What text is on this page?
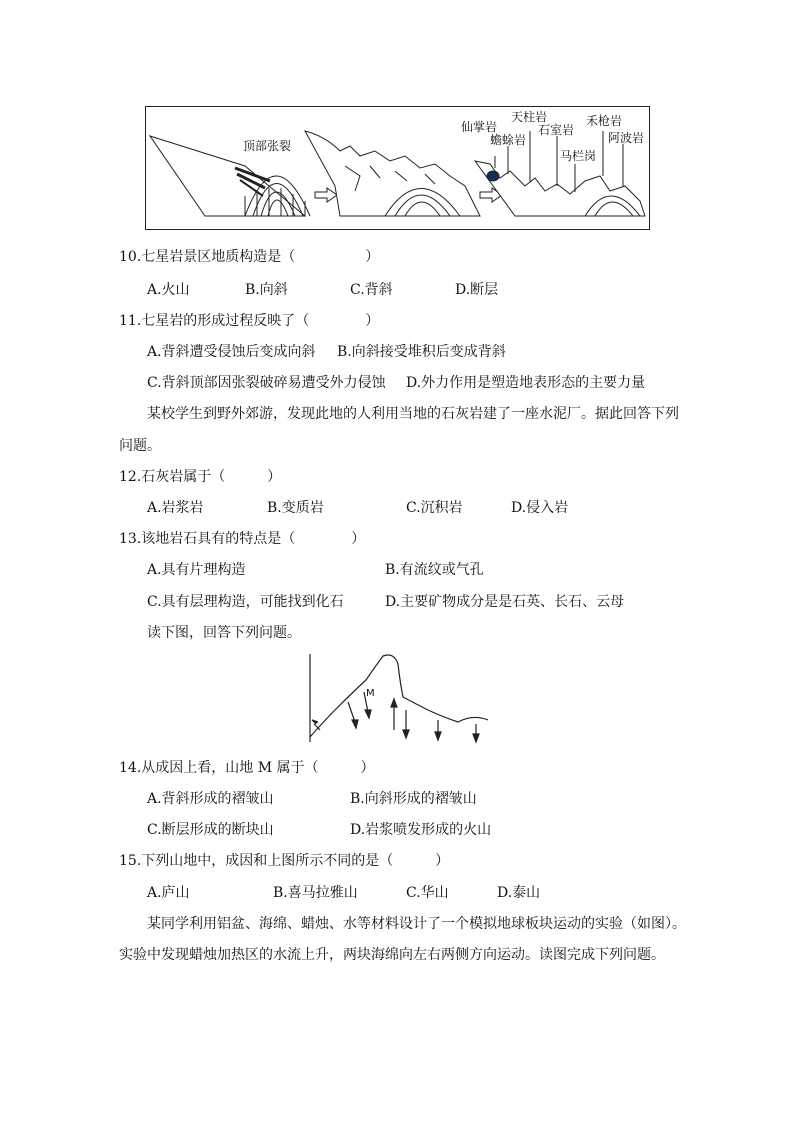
顶部张裂
仙掌岩
蟾蜍岩
天柱岩
石室岩
禾枪岩
马栏岗
阿波岩
10.七星岩景区地质构造是（　　　　　）
A.火山	B.向斜	C.背斜	D.断层
11.七星岩的形成过程反映了（　　　　）
A.背斜遭受侵蚀后变成向斜 B.向斜接受堆积后变成背斜
C.背斜顶部因张裂破碎易遭受外力侵蚀 D.外力作用是塑造地表形态的主要力量
某校学生到野外郊游，发现此地的人利用当地的石灰岩建了一座水泥厂。据此回答下列
问题。
12.石灰岩属于（　　　）
A.岩浆岩	B.变质岩	C.沉积岩	D.侵入岩
13.该地岩石具有的特点是（　　　　）
A.具有片理构造	B.有流纹或气孔
C.具有层理构造，可能找到化石	D.主要矿物成分是是石英、长石、云母
读下图，回答下列问题。
M
14.从成因上看，山地 M 属于（　　　）
A.背斜形成的褶皱山	B.向斜形成的褶皱山
C.断层形成的断块山	D.岩浆喷发形成的火山
15.下列山地中，成因和上图所示不同的是（　　　）
A.庐山	B.喜马拉雅山	C.华山	D.泰山
某同学利用铝盆、海绵、蜡烛、水等材料设计了一个模拟地球板块运动的实验（如图）。
实验中发现蜡烛加热区的水流上升，两块海绵向左右两侧方向运动。读图完成下列问题。
